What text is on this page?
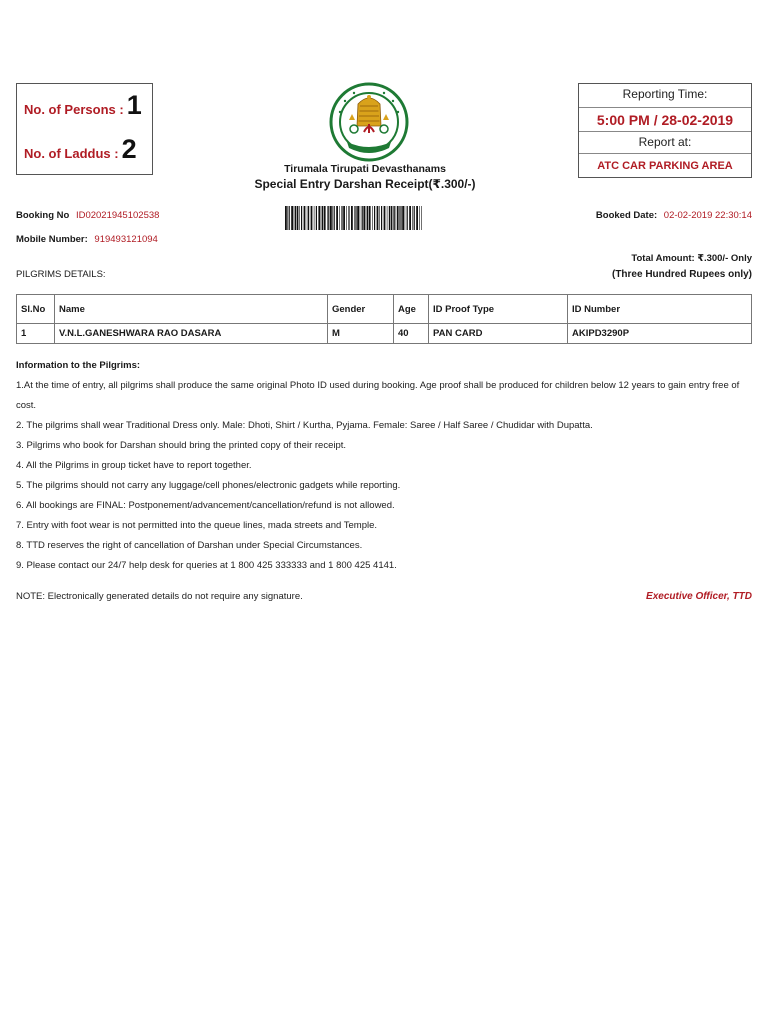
No. of Persons : 1
No. of Laddus : 2
Tirumala Tirupati Devasthanams
Special Entry Darshan Receipt(₹.300/-)
Reporting Time:
5:00 PM / 28-02-2019
Report at:
ATC CAR PARKING AREA
Booking No ID02021945102538
Mobile Number: 919493121094
Booked Date: 02-02-2019 22:30:14
Total Amount: ₹.300/- Only
PILGRIMS DETAILS:	(Three Hundred Rupees only)
Sl.No	Name	Gender	Age	ID Proof Type	ID Number
1	V.N.L.GANESHWARA RAO DASARA	M	40	PAN CARD	AKIPD3290P
Information to the Pilgrims:
1.At the time of entry, all pilgrims shall produce the same original Photo ID used during booking. Age proof shall be produced for children below 12 years to gain entry free of cost.
2. The pilgrims shall wear Traditional Dress only. Male: Dhoti, Shirt / Kurtha, Pyjama. Female: Saree / Half Saree / Chudidar with Dupatta.
3. Pilgrims who book for Darshan should bring the printed copy of their receipt.
4. All the Pilgrims in group ticket have to report together.
5. The pilgrims should not carry any luggage/cell phones/electronic gadgets while reporting.
6. All bookings are FINAL: Postponement/advancement/cancellation/refund is not allowed.
7. Entry with foot wear is not permitted into the queue lines, mada streets and Temple.
8. TTD reserves the right of cancellation of Darshan under Special Circumstances.
9. Please contact our 24/7 help desk for queries at 1 800 425 333333 and 1 800 425 4141.
NOTE: Electronically generated details do not require any signature.	Executive Officer, TTD
